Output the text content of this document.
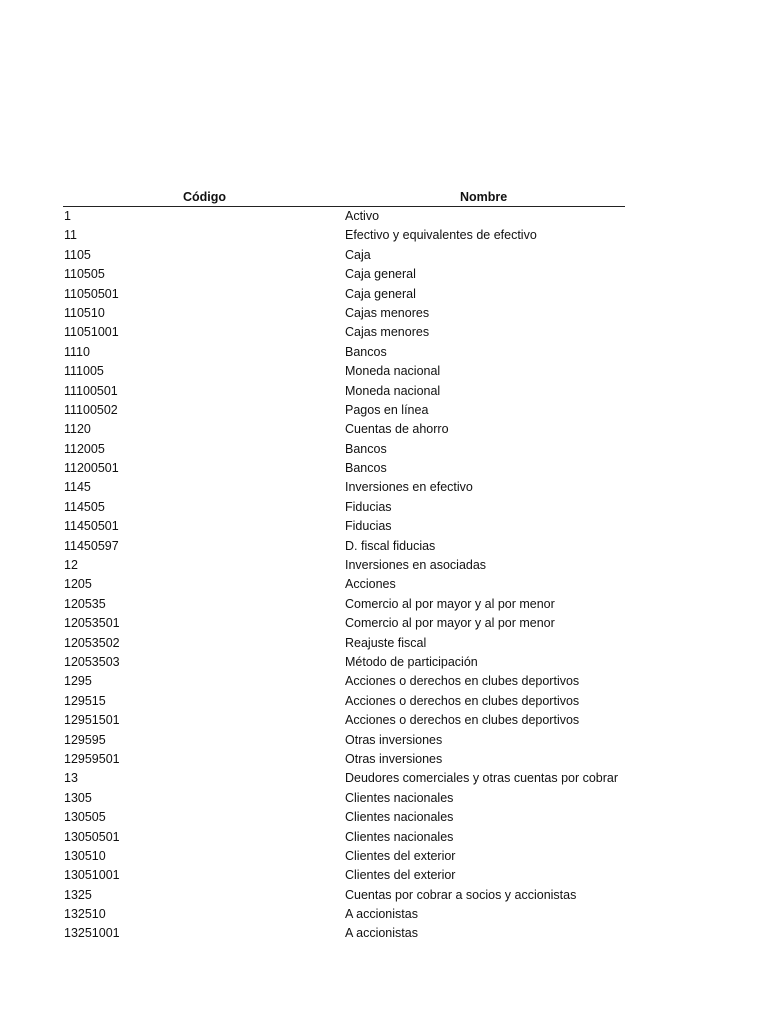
Código	Nombre
1	Activo
11	Efectivo y equivalentes de efectivo
1105	Caja
110505	Caja general
11050501	Caja general
110510	Cajas menores
11051001	Cajas menores
1110	Bancos
111005	Moneda nacional
11100501	Moneda nacional
11100502	Pagos en línea
1120	Cuentas de ahorro
112005	Bancos
11200501	Bancos
1145	Inversiones en efectivo
114505	Fiducias
11450501	Fiducias
11450597	D. fiscal fiducias
12	Inversiones en asociadas
1205	Acciones
120535	Comercio al por mayor y al por menor
12053501	Comercio al por mayor y al por menor
12053502	Reajuste fiscal
12053503	Método de participación
1295	Acciones o derechos en clubes deportivos
129515	Acciones o derechos en clubes deportivos
12951501	Acciones o derechos en clubes deportivos
129595	Otras inversiones
12959501	Otras inversiones
13	Deudores comerciales y otras cuentas por cobrar
1305	Clientes nacionales
130505	Clientes nacionales
13050501	Clientes nacionales
130510	Clientes del exterior
13051001	Clientes del exterior
1325	Cuentas por cobrar a socios y accionistas
132510	A accionistas
13251001	A accionistas
